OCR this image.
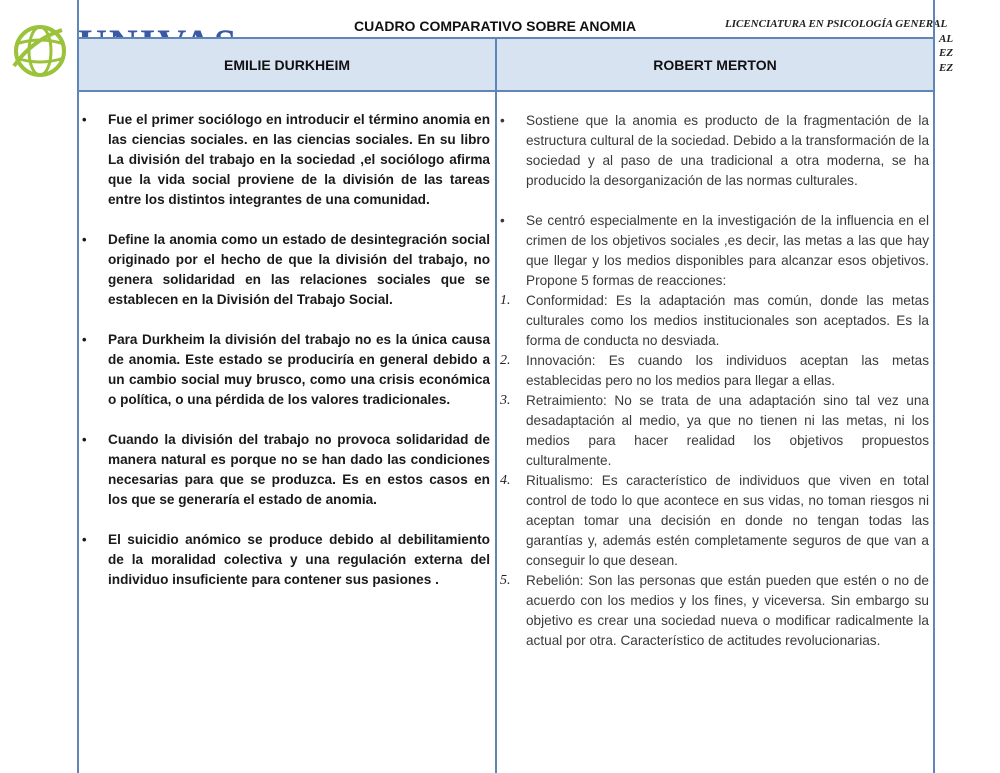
CUADRO COMPARATIVO SOBRE ANOMIA	LICENCIATURA EN PSICOLOGÍA GENERAL
AL
EZ
EZ
EMILIE DURKHEIM	ROBERT MERTON
• Fue el primer sociólogo en introducir el término anomia en las ciencias sociales. en las ciencias sociales. En su libro La división del trabajo en la sociedad ,el sociólogo afirma que la vida social proviene de la división de las tareas entre los distintos integrantes de una comunidad.
• Define la anomia como un estado de desintegración social originado por el hecho de que la división del trabajo, no genera solidaridad en las relaciones sociales que se establecen en la División del Trabajo Social.
• Para Durkheim la división del trabajo no es la única causa de anomia. Este estado se produciría en general debido a un cambio social muy brusco, como una crisis económica o política, o una pérdida de los valores tradicionales.
• Cuando la división del trabajo no provoca solidaridad de manera natural es porque no se han dado las condiciones necesarias para que se produzca. Es en estos casos en los que se generaría el estado de anomia.
• El suicidio anómico se produce debido al debilitamiento de la moralidad colectiva y una regulación externa del individuo insuficiente para contener sus pasiones .
• Sostiene que la anomia es producto de la fragmentación de la estructura cultural de la sociedad. Debido a la transformación de la sociedad y al paso de una tradicional a otra moderna, se ha producido la desorganización de las normas culturales.
• Se centró especialmente en la investigación de la influencia en el crimen de los objetivos sociales ,es decir, las metas a las que hay que llegar y los medios disponibles para alcanzar esos objetivos. Propone 5 formas de reacciones:
1. Conformidad: Es la adaptación mas común, donde las metas culturales como los medios institucionales son aceptados. Es la forma de conducta no desviada.
2. Innovación: Es cuando los individuos aceptan las metas establecidas pero no los medios para llegar a ellas.
3. Retraimiento: No se trata de una adaptación sino tal vez una desadaptación al medio, ya que no tienen ni las metas, ni los medios para hacer realidad los objetivos propuestos culturalmente.
4. Ritualismo: Es característico de individuos que viven en total control de todo lo que acontece en sus vidas, no toman riesgos ni aceptan tomar una decisión en donde no tengan todas las garantías y, además estén completamente seguros de que van a conseguir lo que desean.
5. Rebelión: Son las personas que están pueden que estén o no de acuerdo con los medios y los fines, y viceversa. Sin embargo su objetivo es crear una sociedad nueva o modificar radicalmente la actual por otra. Característico de actitudes revolucionarias.
